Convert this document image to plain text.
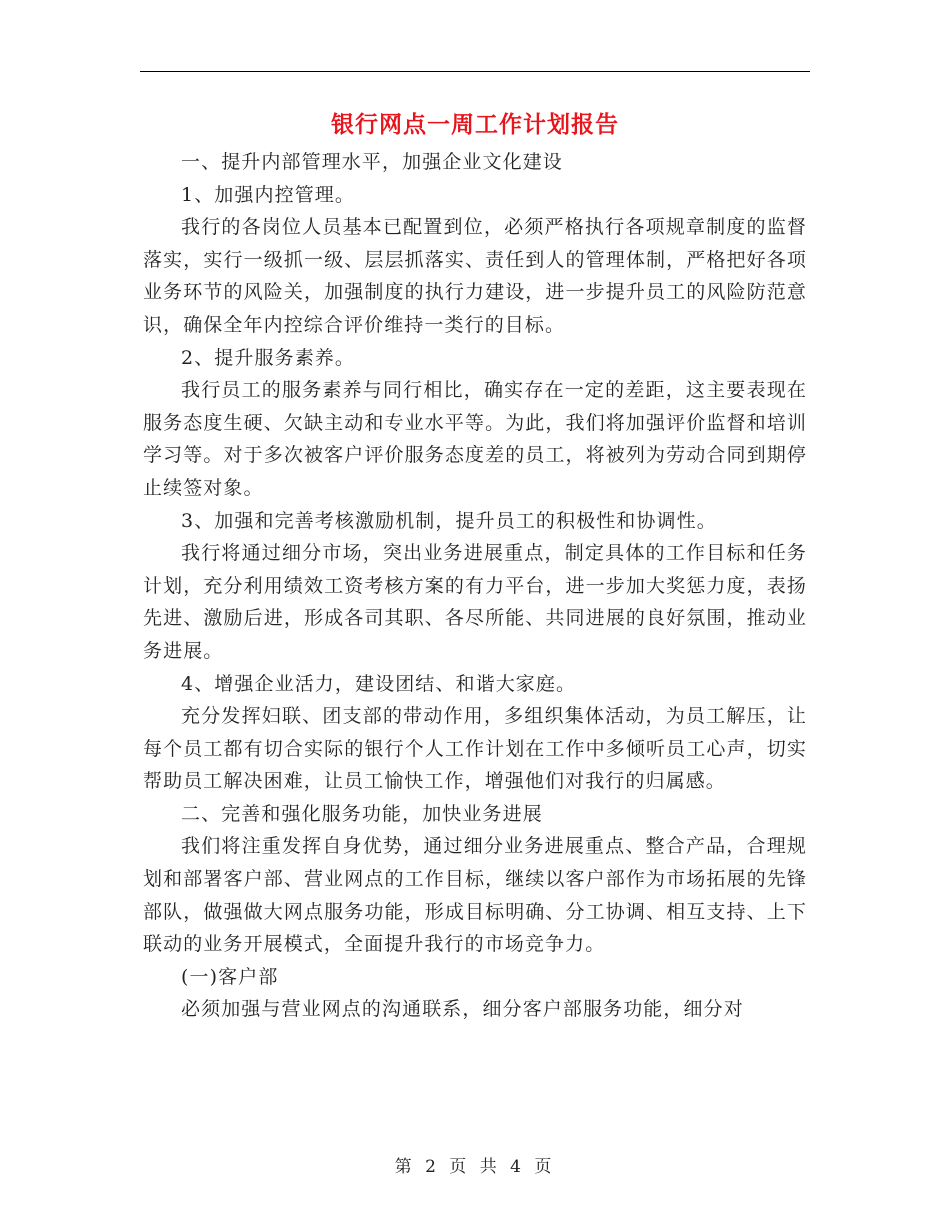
银行网点一周工作计划报告

一、提升内部管理水平，加强企业文化建设

1、加强内控管理。

我行的各岗位人员基本已配置到位，必须严格执行各项规章制度的监督落实，实行一级抓一级、层层抓落实、责任到人的管理体制，严格把好各项业务环节的风险关，加强制度的执行力建设，进一步提升员工的风险防范意识，确保全年内控综合评价维持一类行的目标。

2、提升服务素养。

我行员工的服务素养与同行相比，确实存在一定的差距，这主要表现在服务态度生硬、欠缺主动和专业水平等。为此，我们将加强评价监督和培训学习等。对于多次被客户评价服务态度差的员工，将被列为劳动合同到期停止续签对象。

3、加强和完善考核激励机制，提升员工的积极性和协调性。

我行将通过细分市场，突出业务进展重点，制定具体的工作目标和任务计划，充分利用绩效工资考核方案的有力平台，进一步加大奖惩力度，表扬先进、激励后进，形成各司其职、各尽所能、共同进展的良好氛围，推动业务进展。

4、增强企业活力，建设团结、和谐大家庭。

充分发挥妇联、团支部的带动作用，多组织集体活动，为员工解压，让每个员工都有切合实际的银行个人工作计划在工作中多倾听员工心声，切实帮助员工解决困难，让员工愉快工作，增强他们对我行的归属感。

二、完善和强化服务功能，加快业务进展

我们将注重发挥自身优势，通过细分业务进展重点、整合产品，合理规划和部署客户部、营业网点的工作目标，继续以客户部作为市场拓展的先锋部队，做强做大网点服务功能，形成目标明确、分工协调、相互支持、上下联动的业务开展模式，全面提升我行的市场竞争力。

(一)客户部

必须加强与营业网点的沟通联系，细分客户部服务功能，细分对

第 2 页 共 4 页
